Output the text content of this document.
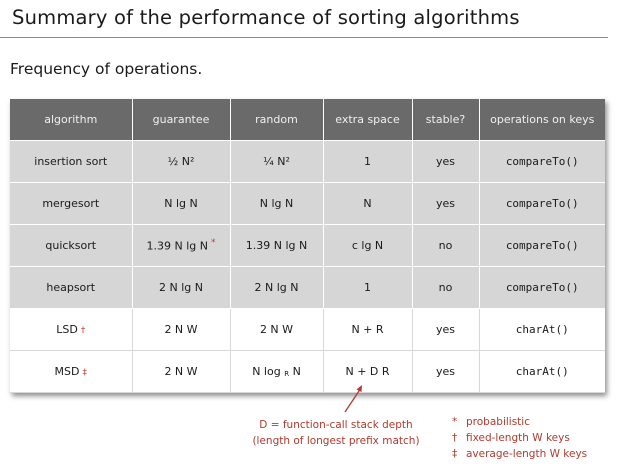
Summary of the performance of sorting algorithms
Frequency of operations.
algorithm	guarantee	random	extra space	stable?	operations on keys
insertion sort	½ N²	¼ N²	1	yes	compareTo()
mergesort	N lg N	N lg N	N	yes	compareTo()
quicksort	1.39 N lg N *	1.39 N lg N	c lg N	no	compareTo()
heapsort	2 N lg N	2 N lg N	1	no	compareTo()
LSD †	2 N W	2 N W	N + R	yes	charAt()
MSD ‡	2 N W	N log R N	N + D R	yes	charAt()
D = function-call stack depth
(length of longest prefix match)
* probabilistic
† fixed-length W keys
‡ average-length W keys
